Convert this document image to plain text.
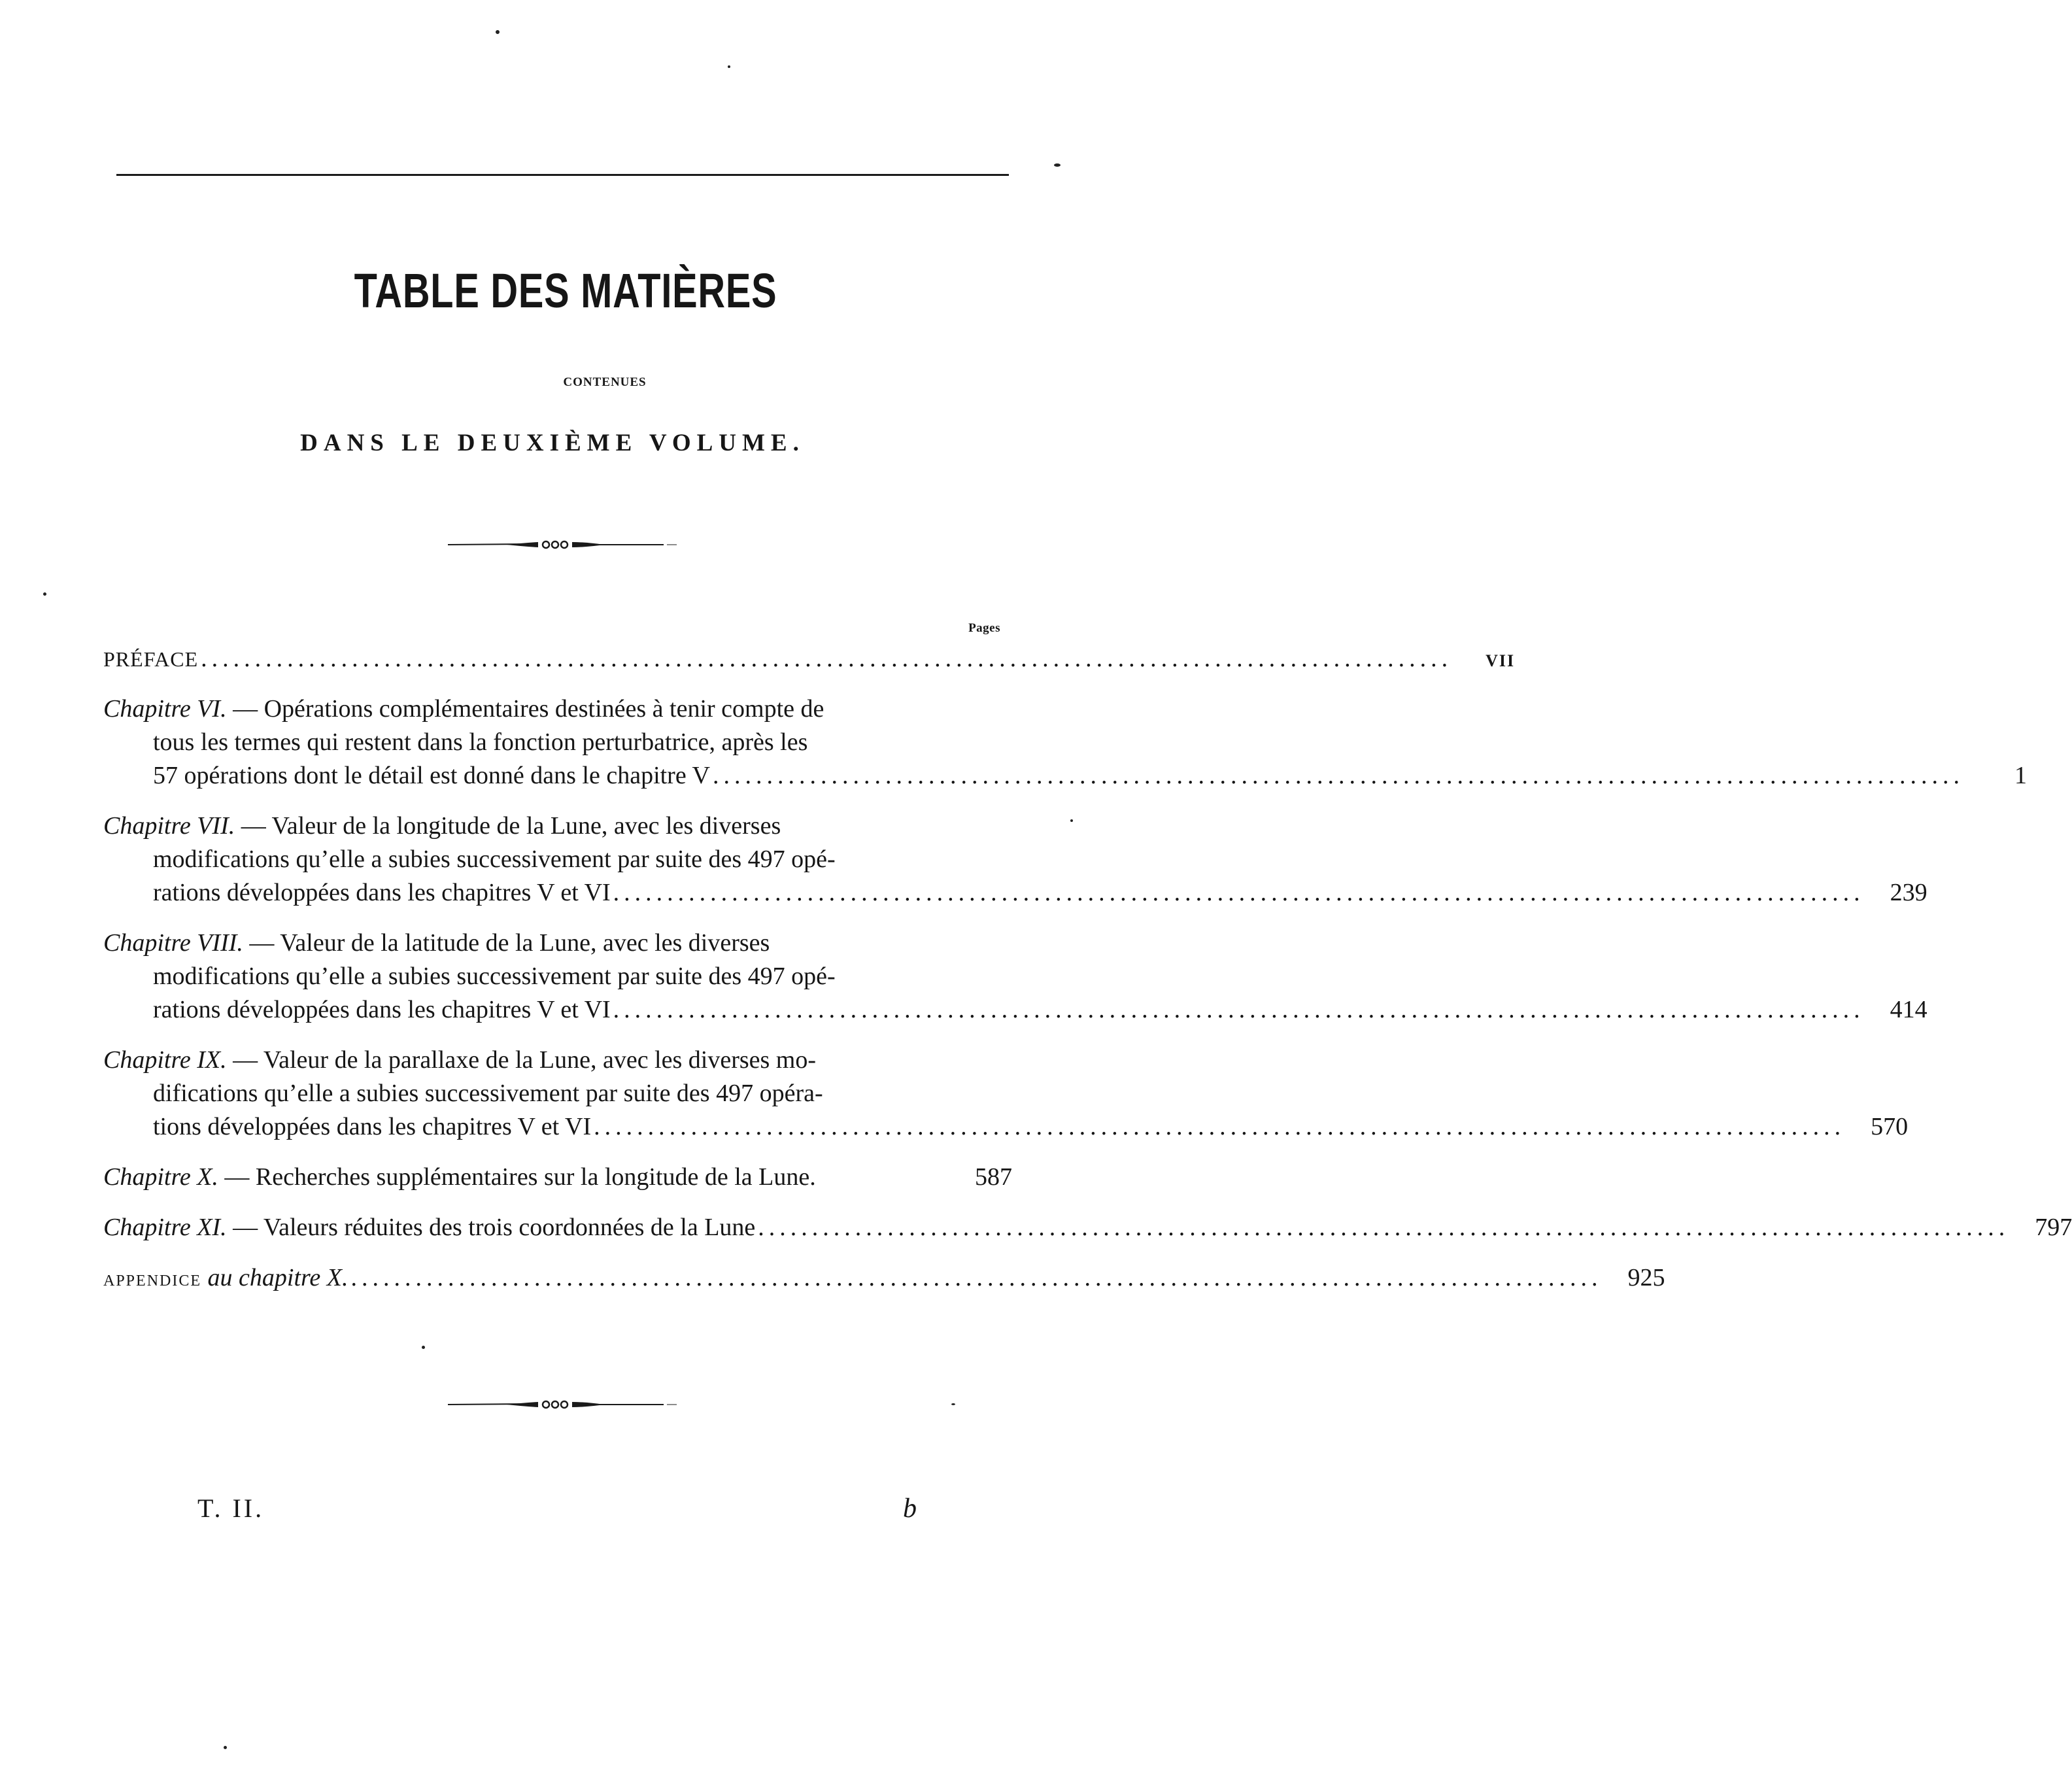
TABLE DES MATIÈRES
CONTENUES
DANS LE DEUXIÈME VOLUME.
Pages
PRÉFACE ....................................................................................................................	VII
Chapitre VI. — Opérations complémentaires destinées à tenir compte de
tous les termes qui restent dans la fonction perturbatrice, après les
57 opérations dont le détail est donné dans le chapitre V ....................................................................................................................	1
Chapitre VII. — Valeur de la longitude de la Lune, avec les diverses
modifications qu’elle a subies successivement par suite des 497 opé-
rations développées dans les chapitres V et VI ....................................................................................................................	239
Chapitre VIII. — Valeur de la latitude de la Lune, avec les diverses
modifications qu’elle a subies successivement par suite des 497 opé-
rations développées dans les chapitres V et VI ....................................................................................................................	414
Chapitre IX. — Valeur de la parallaxe de la Lune, avec les diverses mo-
difications qu’elle a subies successivement par suite des 497 opéra-
tions développées dans les chapitres V et VI ....................................................................................................................	570
Chapitre X. — Recherches supplémentaires sur la longitude de la Lune.	587
Chapitre XI. — Valeurs réduites des trois coordonnées de la Lune ....................................................................................................................	797
APPENDICE au chapitre X. ....................................................................................................................	925
T. II.	b
